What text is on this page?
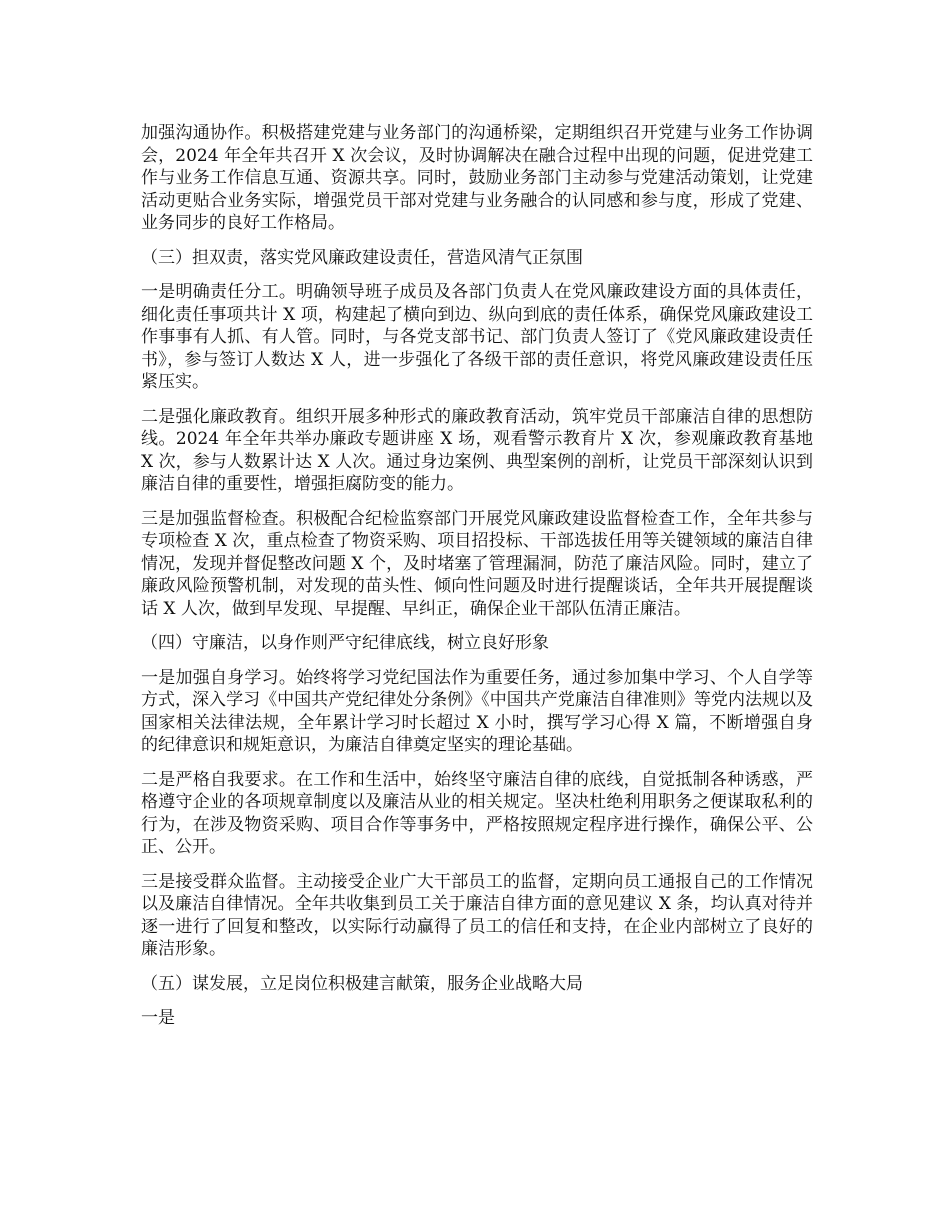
加强沟通协作。积极搭建党建与业务部门的沟通桥梁，定期组织召开党建与业务工作协调会，2024 年全年共召开 X 次会议，及时协调解决在融合过程中出现的问题，促进党建工作与业务工作信息互通、资源共享。同时，鼓励业务部门主动参与党建活动策划，让党建活动更贴合业务实际，增强党员干部对党建与业务融合的认同感和参与度，形成了党建、业务同步的良好工作格局。

（三）担双责，落实党风廉政建设责任，营造风清气正氛围

一是明确责任分工。明确领导班子成员及各部门负责人在党风廉政建设方面的具体责任，细化责任事项共计 X 项，构建起了横向到边、纵向到底的责任体系，确保党风廉政建设工作事事有人抓、有人管。同时，与各党支部书记、部门负责人签订了《党风廉政建设责任书》，参与签订人数达 X 人，进一步强化了各级干部的责任意识，将党风廉政建设责任压紧压实。

二是强化廉政教育。组织开展多种形式的廉政教育活动，筑牢党员干部廉洁自律的思想防线。2024 年全年共举办廉政专题讲座 X 场，观看警示教育片 X 次，参观廉政教育基地 X 次，参与人数累计达 X 人次。通过身边案例、典型案例的剖析，让党员干部深刻认识到廉洁自律的重要性，增强拒腐防变的能力。

三是加强监督检查。积极配合纪检监察部门开展党风廉政建设监督检查工作，全年共参与专项检查 X 次，重点检查了物资采购、项目招投标、干部选拔任用等关键领域的廉洁自律情况，发现并督促整改问题 X 个，及时堵塞了管理漏洞，防范了廉洁风险。同时，建立了廉政风险预警机制，对发现的苗头性、倾向性问题及时进行提醒谈话，全年共开展提醒谈话 X 人次，做到早发现、早提醒、早纠正，确保企业干部队伍清正廉洁。

（四）守廉洁，以身作则严守纪律底线，树立良好形象

一是加强自身学习。始终将学习党纪国法作为重要任务，通过参加集中学习、个人自学等方式，深入学习《中国共产党纪律处分条例》《中国共产党廉洁自律准则》等党内法规以及国家相关法律法规，全年累计学习时长超过 X 小时，撰写学习心得 X 篇，不断增强自身的纪律意识和规矩意识，为廉洁自律奠定坚实的理论基础。

二是严格自我要求。在工作和生活中，始终坚守廉洁自律的底线，自觉抵制各种诱惑，严格遵守企业的各项规章制度以及廉洁从业的相关规定。坚决杜绝利用职务之便谋取私利的行为，在涉及物资采购、项目合作等事务中，严格按照规定程序进行操作，确保公平、公正、公开。

三是接受群众监督。主动接受企业广大干部员工的监督，定期向员工通报自己的工作情况以及廉洁自律情况。全年共收集到员工关于廉洁自律方面的意见建议 X 条，均认真对待并逐一进行了回复和整改，以实际行动赢得了员工的信任和支持，在企业内部树立了良好的廉洁形象。

（五）谋发展，立足岗位积极建言献策，服务企业战略大局

一是
